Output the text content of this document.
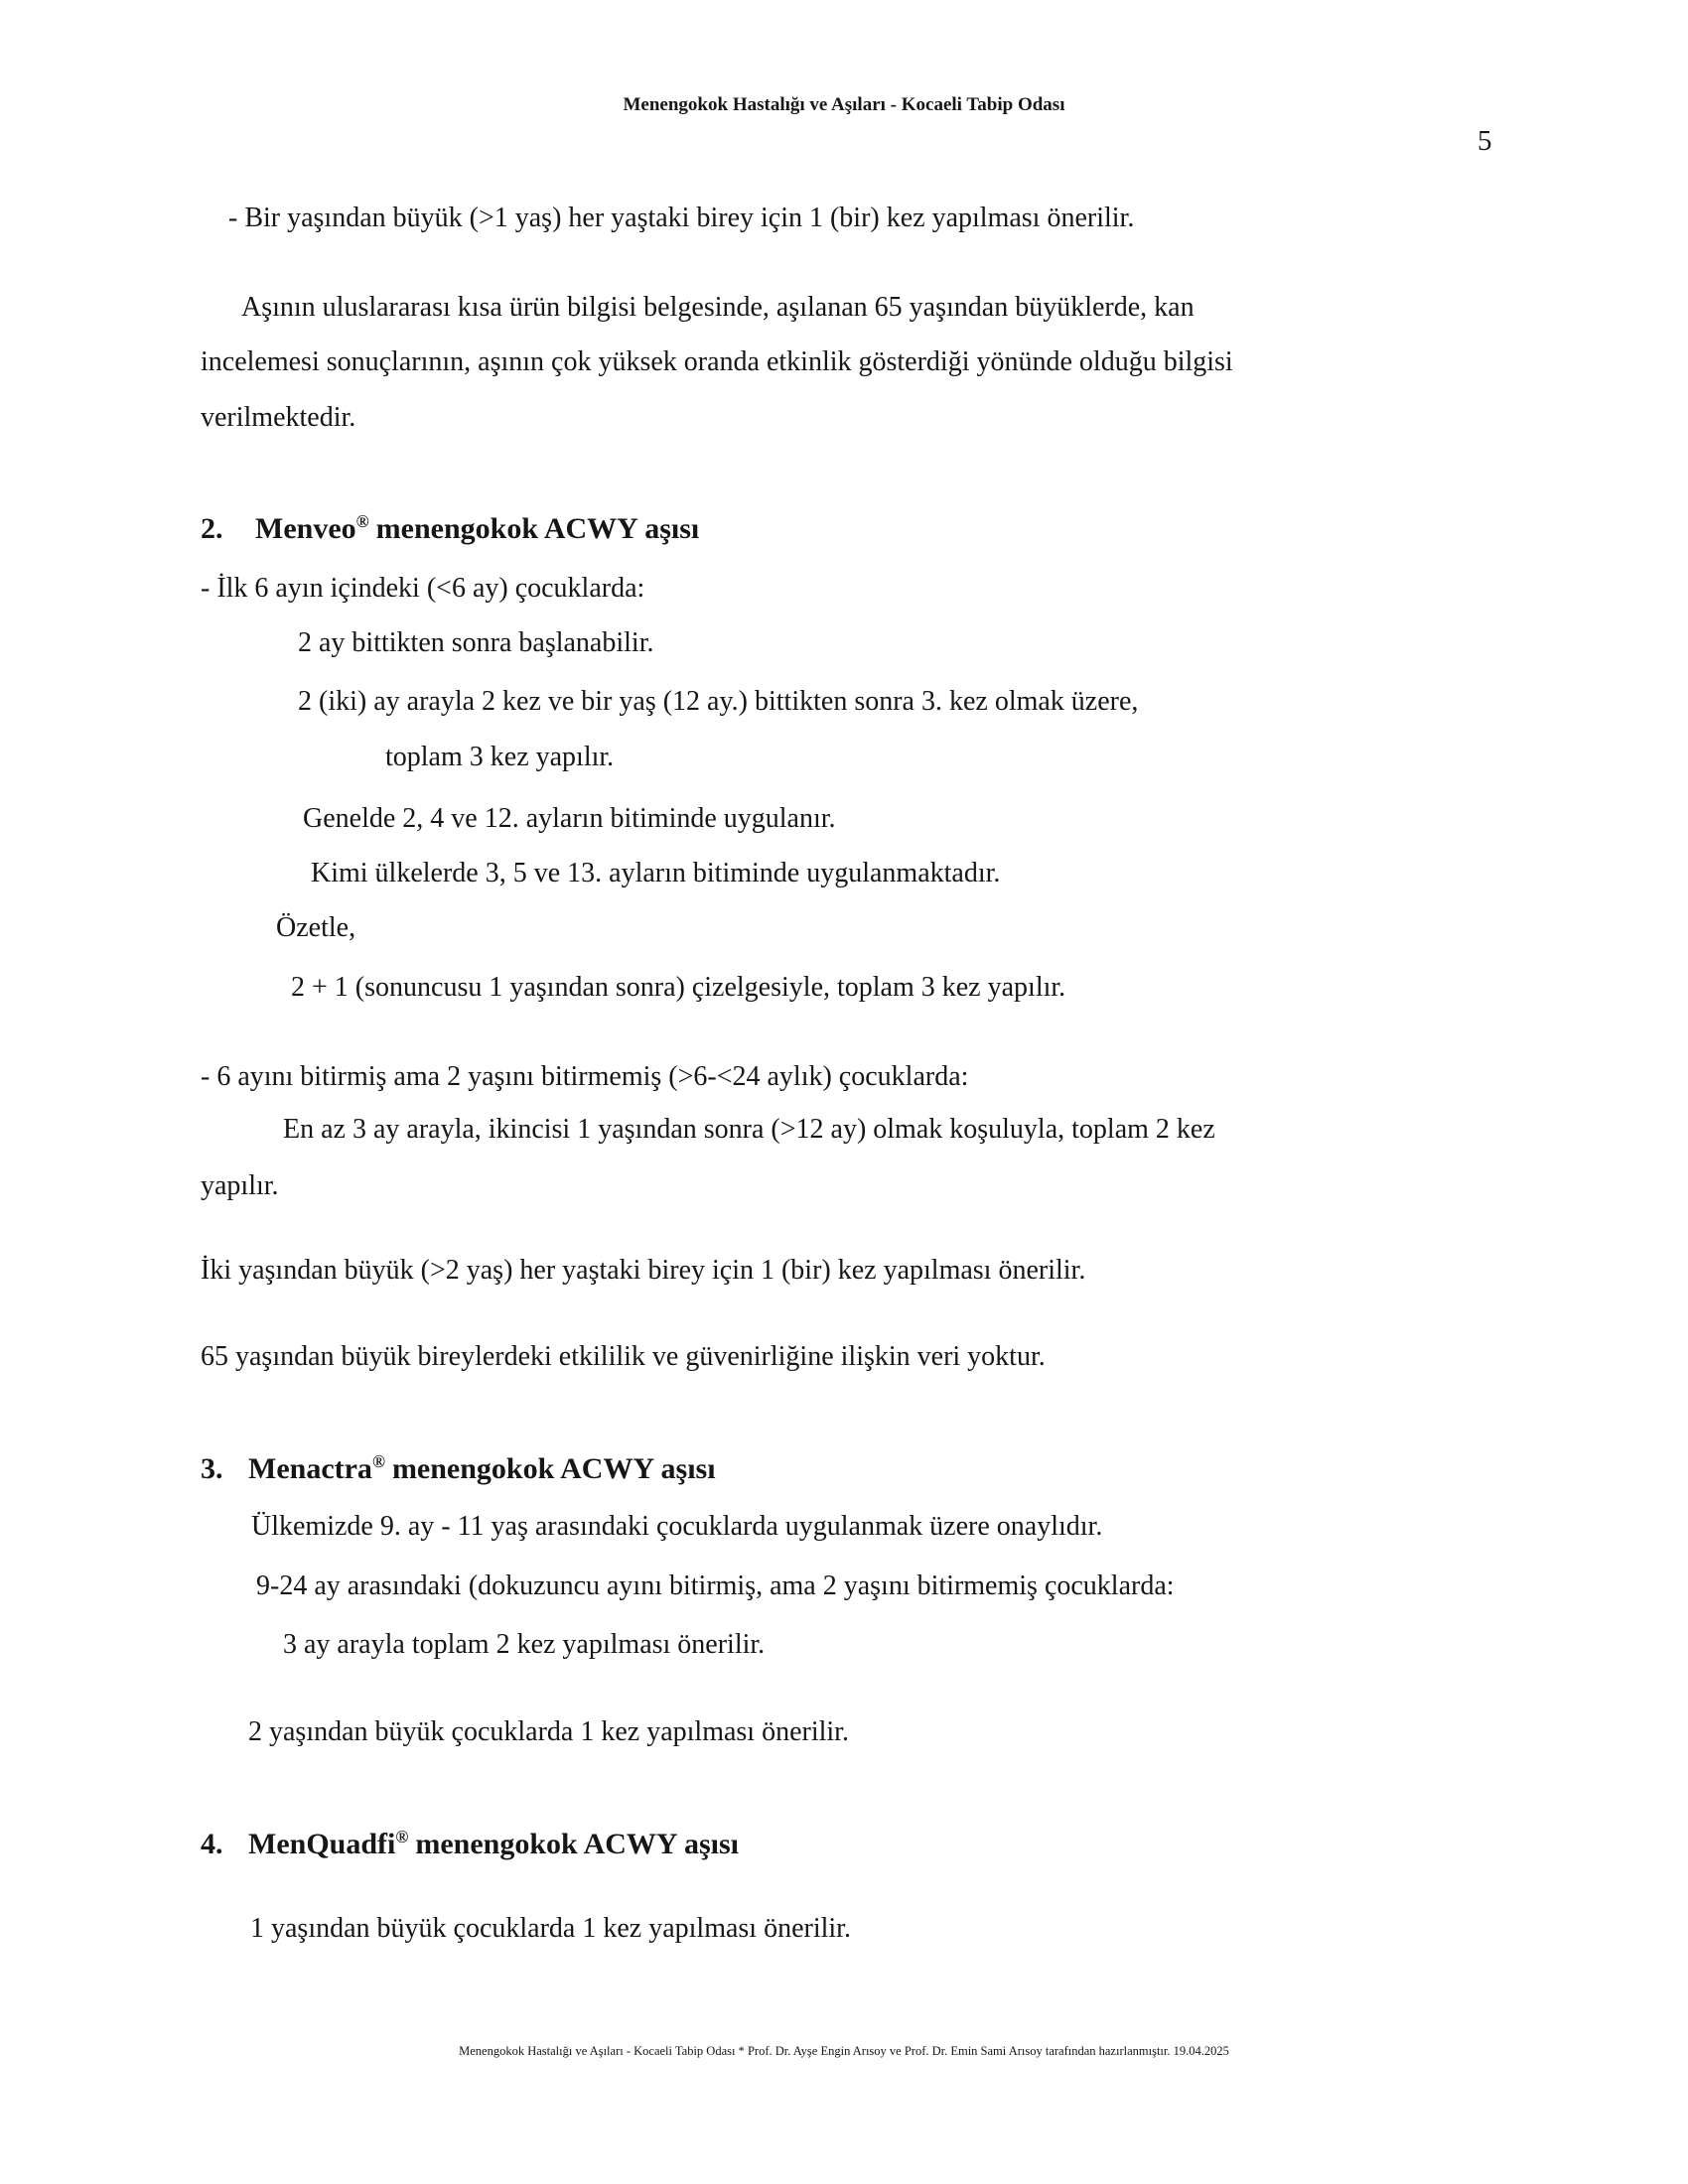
Menengokok Hastalığı ve Aşıları - Kocaeli Tabip Odası
5
- Bir yaşından büyük (>1 yaş) her yaştaki birey için 1 (bir) kez yapılması önerilir.
Aşının uluslararası kısa ürün bilgisi belgesinde, aşılanan 65 yaşından büyüklerde, kan
incelemesi sonuçlarının, aşının çok yüksek oranda etkinlik gösterdiği yönünde olduğu bilgisi
verilmektedir.
2. Menveo® menengokok ACWY aşısı
- İlk 6 ayın içindeki (<6 ay) çocuklarda:
2 ay bittikten sonra başlanabilir.
2 (iki) ay arayla 2 kez ve bir yaş (12 ay.) bittikten sonra 3. kez olmak üzere,
toplam 3 kez yapılır.
Genelde 2, 4 ve 12. ayların bitiminde uygulanır.
Kimi ülkelerde 3, 5 ve 13. ayların bitiminde uygulanmaktadır.
Özetle,
2 + 1 (sonuncusu 1 yaşından sonra) çizelgesiyle, toplam 3 kez yapılır.
- 6 ayını bitirmiş ama 2 yaşını bitirmemiş (>6-<24 aylık) çocuklarda:
En az 3 ay arayla, ikincisi 1 yaşından sonra (>12 ay) olmak koşuluyla, toplam 2 kez
yapılır.
İki yaşından büyük (>2 yaş) her yaştaki birey için 1 (bir) kez yapılması önerilir.
65 yaşından büyük bireylerdeki etkililik ve güvenirliğine ilişkin veri yoktur.
3. Menactra® menengokok ACWY aşısı
Ülkemizde 9. ay - 11 yaş arasındaki çocuklarda uygulanmak üzere onaylıdır.
9-24 ay arasındaki (dokuzuncu ayını bitirmiş, ama 2 yaşını bitirmemiş çocuklarda:
3 ay arayla toplam 2 kez yapılması önerilir.
2 yaşından büyük çocuklarda 1 kez yapılması önerilir.
4. MenQuadfi® menengokok ACWY aşısı
1 yaşından büyük çocuklarda 1 kez yapılması önerilir.
Menengokok Hastalığı ve Aşıları - Kocaeli Tabip Odası * Prof. Dr. Ayşe Engin Arısoy ve Prof. Dr. Emin Sami Arısoy tarafından hazırlanmıştır. 19.04.2025
